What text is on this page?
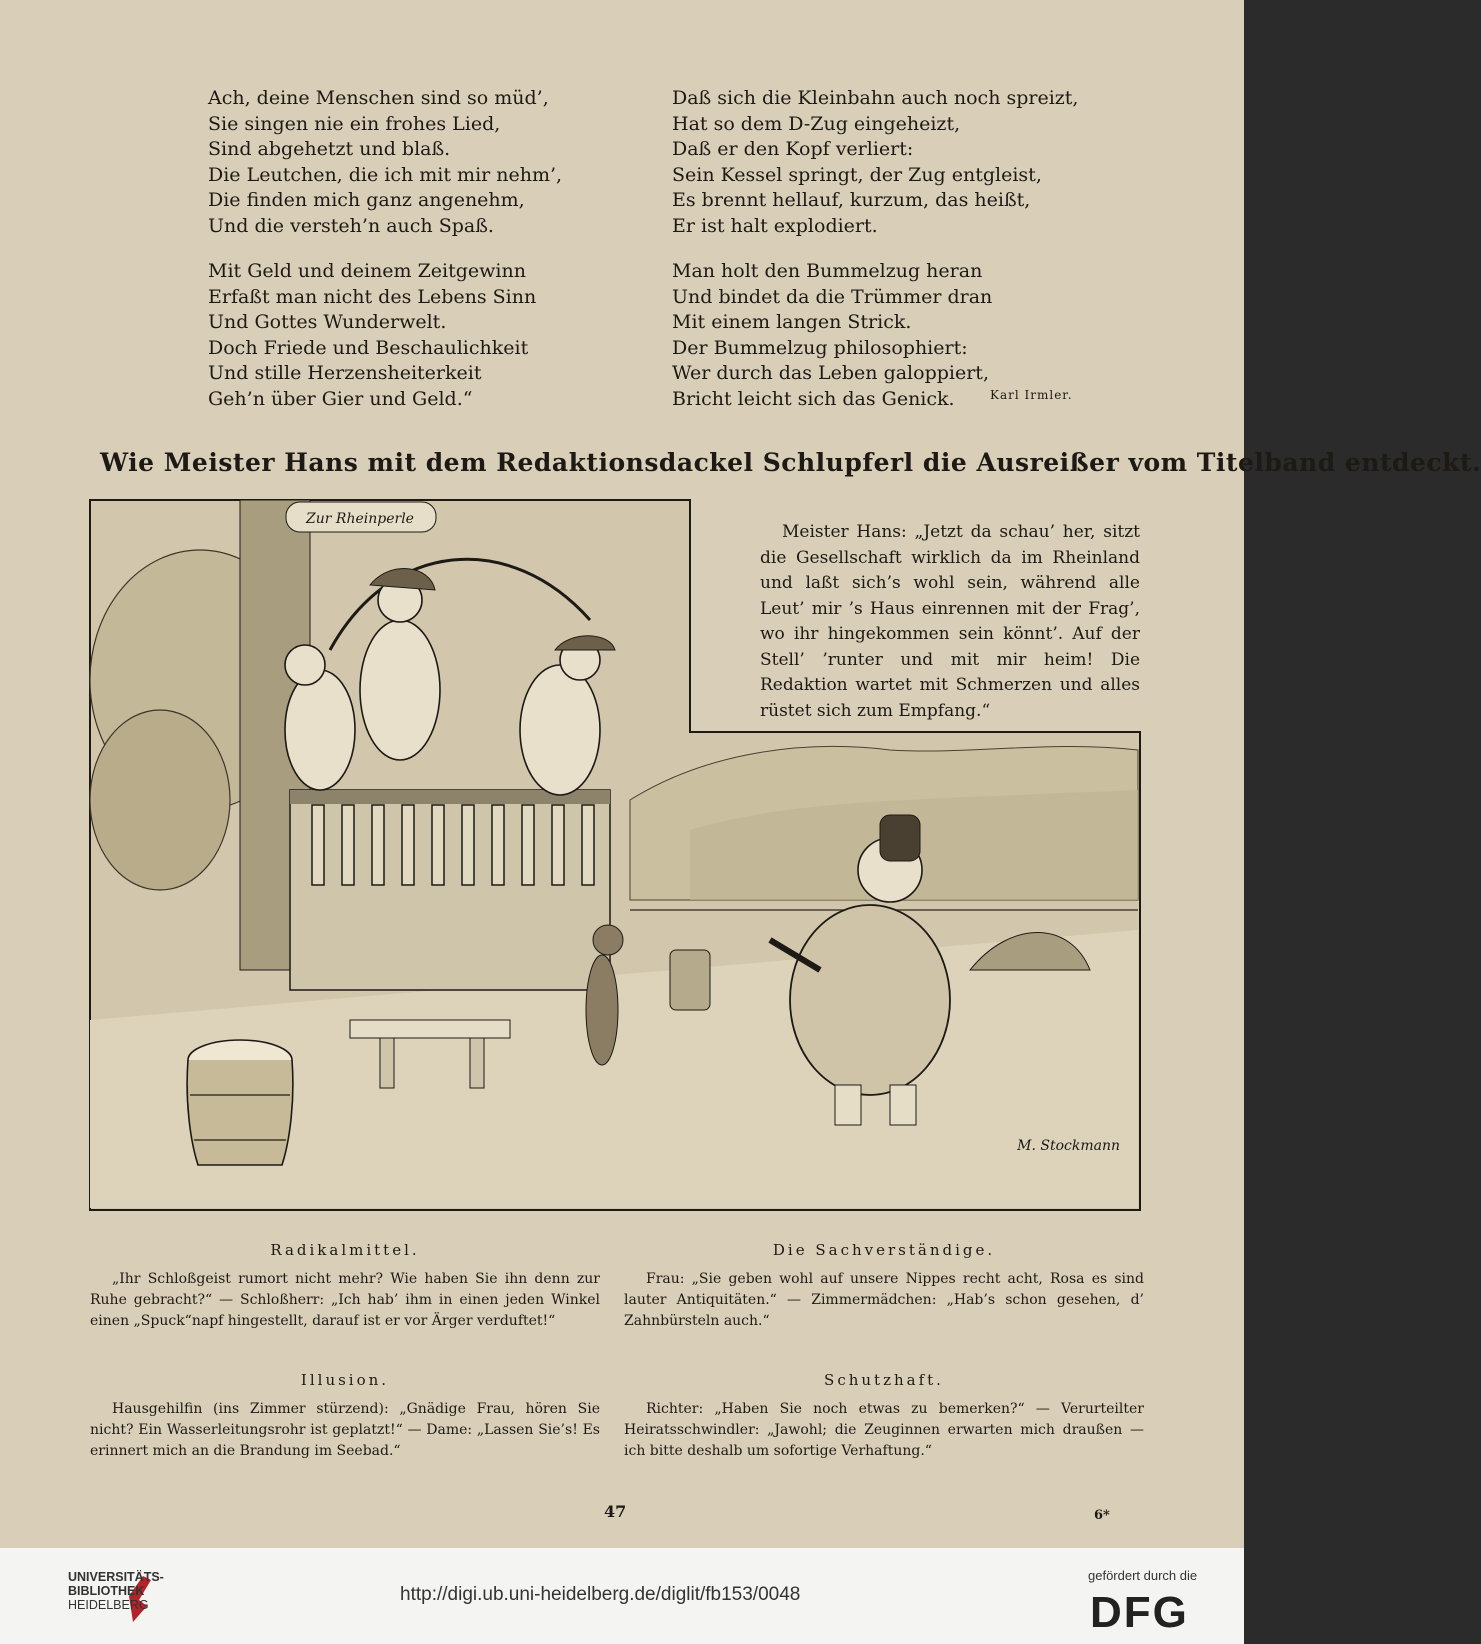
Ach, deine Menschen sind so müd’,
Sie singen nie ein frohes Lied,
Sind abgehetzt und blaß.
Die Leutchen, die ich mit mir nehm’,
Die finden mich ganz angenehm,
Und die versteh’n auch Spaß.
Mit Geld und deinem Zeitgewinn
Erfaßt man nicht des Lebens Sinn
Und Gottes Wunderwelt.
Doch Friede und Beschaulichkeit
Und stille Herzensheiterkeit
Geh’n über Gier und Geld.“
Daß sich die Kleinbahn auch noch spreizt,
Hat so dem D-Zug eingeheizt,
Daß er den Kopf verliert:
Sein Kessel springt, der Zug entgleist,
Es brennt hellauf, kurzum, das heißt,
Er ist halt explodiert.
Man holt den Bummelzug heran
Und bindet da die Trümmer dran
Mit einem langen Strick.
Der Bummelzug philosophiert:
Wer durch das Leben galoppiert,
Bricht leicht sich das Genick.	Karl Irmler.
Wie Meister Hans mit dem Redaktionsdackel Schlupferl die Ausreißer vom Titelband entdeckt.
Zur Rheinperle
M. Stockmann
Meister Hans: „Jetzt da schau’ her, sitzt die Gesellschaft wirklich da im Rheinland und laßt sich’s wohl sein, während alle Leut’ mir ’s Haus einrennen mit der Frag’, wo ihr hingekommen sein könnt’. Auf der Stell’ ’runter und mit mir heim! Die Redaktion wartet mit Schmerzen und alles rüstet sich zum Empfang.“
Radikalmittel.
„Ihr Schloßgeist rumort nicht mehr? Wie haben Sie ihn denn zur Ruhe gebracht?“ — Schloßherr: „Ich hab’ ihm in einen jeden Winkel einen „Spuck“napf hingestellt, darauf ist er vor Ärger verduftet!“
Die Sachverständige.
Frau: „Sie geben wohl auf unsere Nippes recht acht, Rosa es sind lauter Antiquitäten.“ — Zimmermädchen: „Hab’s schon gesehen, d’ Zahnbürsteln auch.“
Illusion.
Hausgehilfin (ins Zimmer stürzend): „Gnädige Frau, hören Sie nicht? Ein Wasserleitungsrohr ist geplatzt!“ — Dame: „Lassen Sie’s! Es erinnert mich an die Brandung im Seebad.“
Schutzhaft.
Richter: „Haben Sie noch etwas zu bemerken?“ — Verurteilter Heiratsschwindler: „Jawohl; die Zeuginnen erwarten mich draußen — ich bitte deshalb um sofortige Verhaftung.“
47	6*
UNIVERSITÄTS-
BIBLIOTHEK
HEIDELBERG	http://digi.ub.uni-heidelberg.de/diglit/fb153/0048
gefördert durch die
DFG
